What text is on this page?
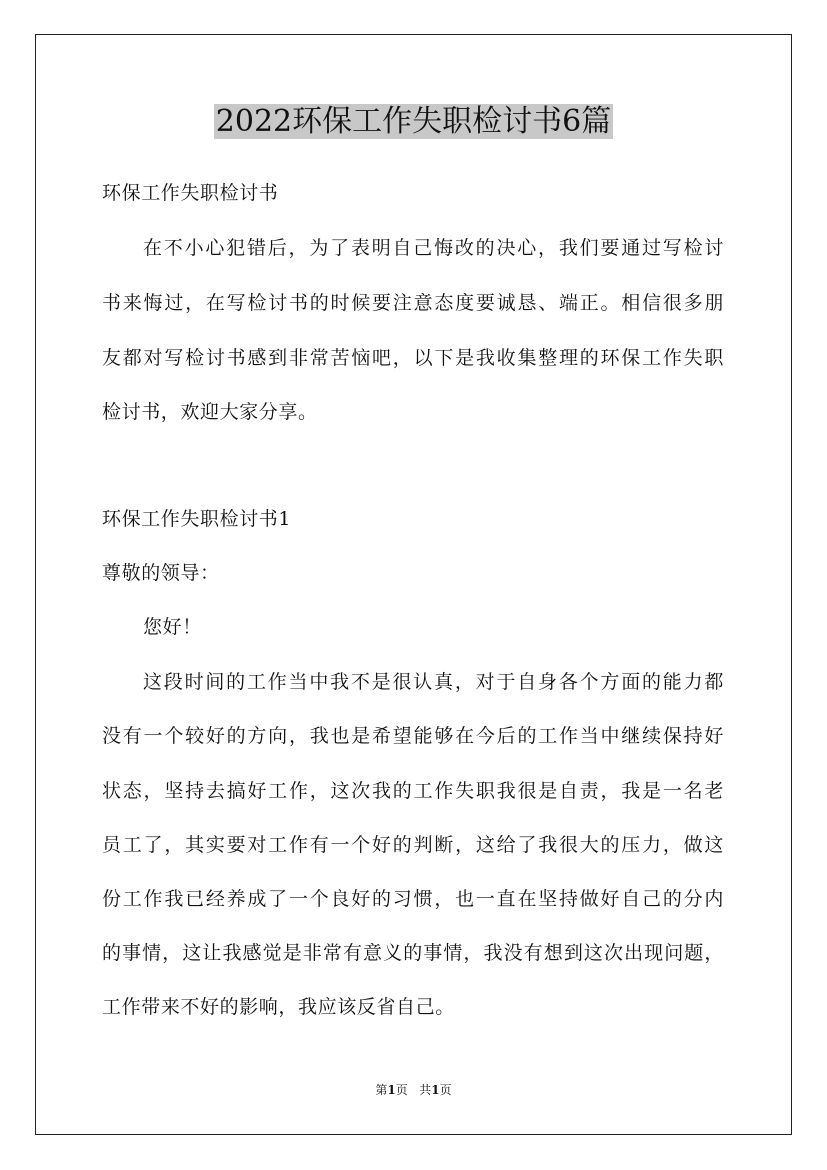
2022环保工作失职检讨书6篇
环保工作失职检讨书
在不小心犯错后，为了表明自己悔改的决心，我们要通过写检讨
书来悔过，在写检讨书的时候要注意态度要诚恳、端正。相信很多朋
友都对写检讨书感到非常苦恼吧，以下是我收集整理的环保工作失职
检讨书，欢迎大家分享。
环保工作失职检讨书1
尊敬的领导：
您好！
这段时间的工作当中我不是很认真，对于自身各个方面的能力都
没有一个较好的方向，我也是希望能够在今后的工作当中继续保持好
状态，坚持去搞好工作，这次我的工作失职我很是自责，我是一名老
员工了，其实要对工作有一个好的判断，这给了我很大的压力，做这
份工作我已经养成了一个良好的习惯，也一直在坚持做好自己的分内
的事情，这让我感觉是非常有意义的事情，我没有想到这次出现问题，
工作带来不好的影响，我应该反省自己。
第1页 共1页
